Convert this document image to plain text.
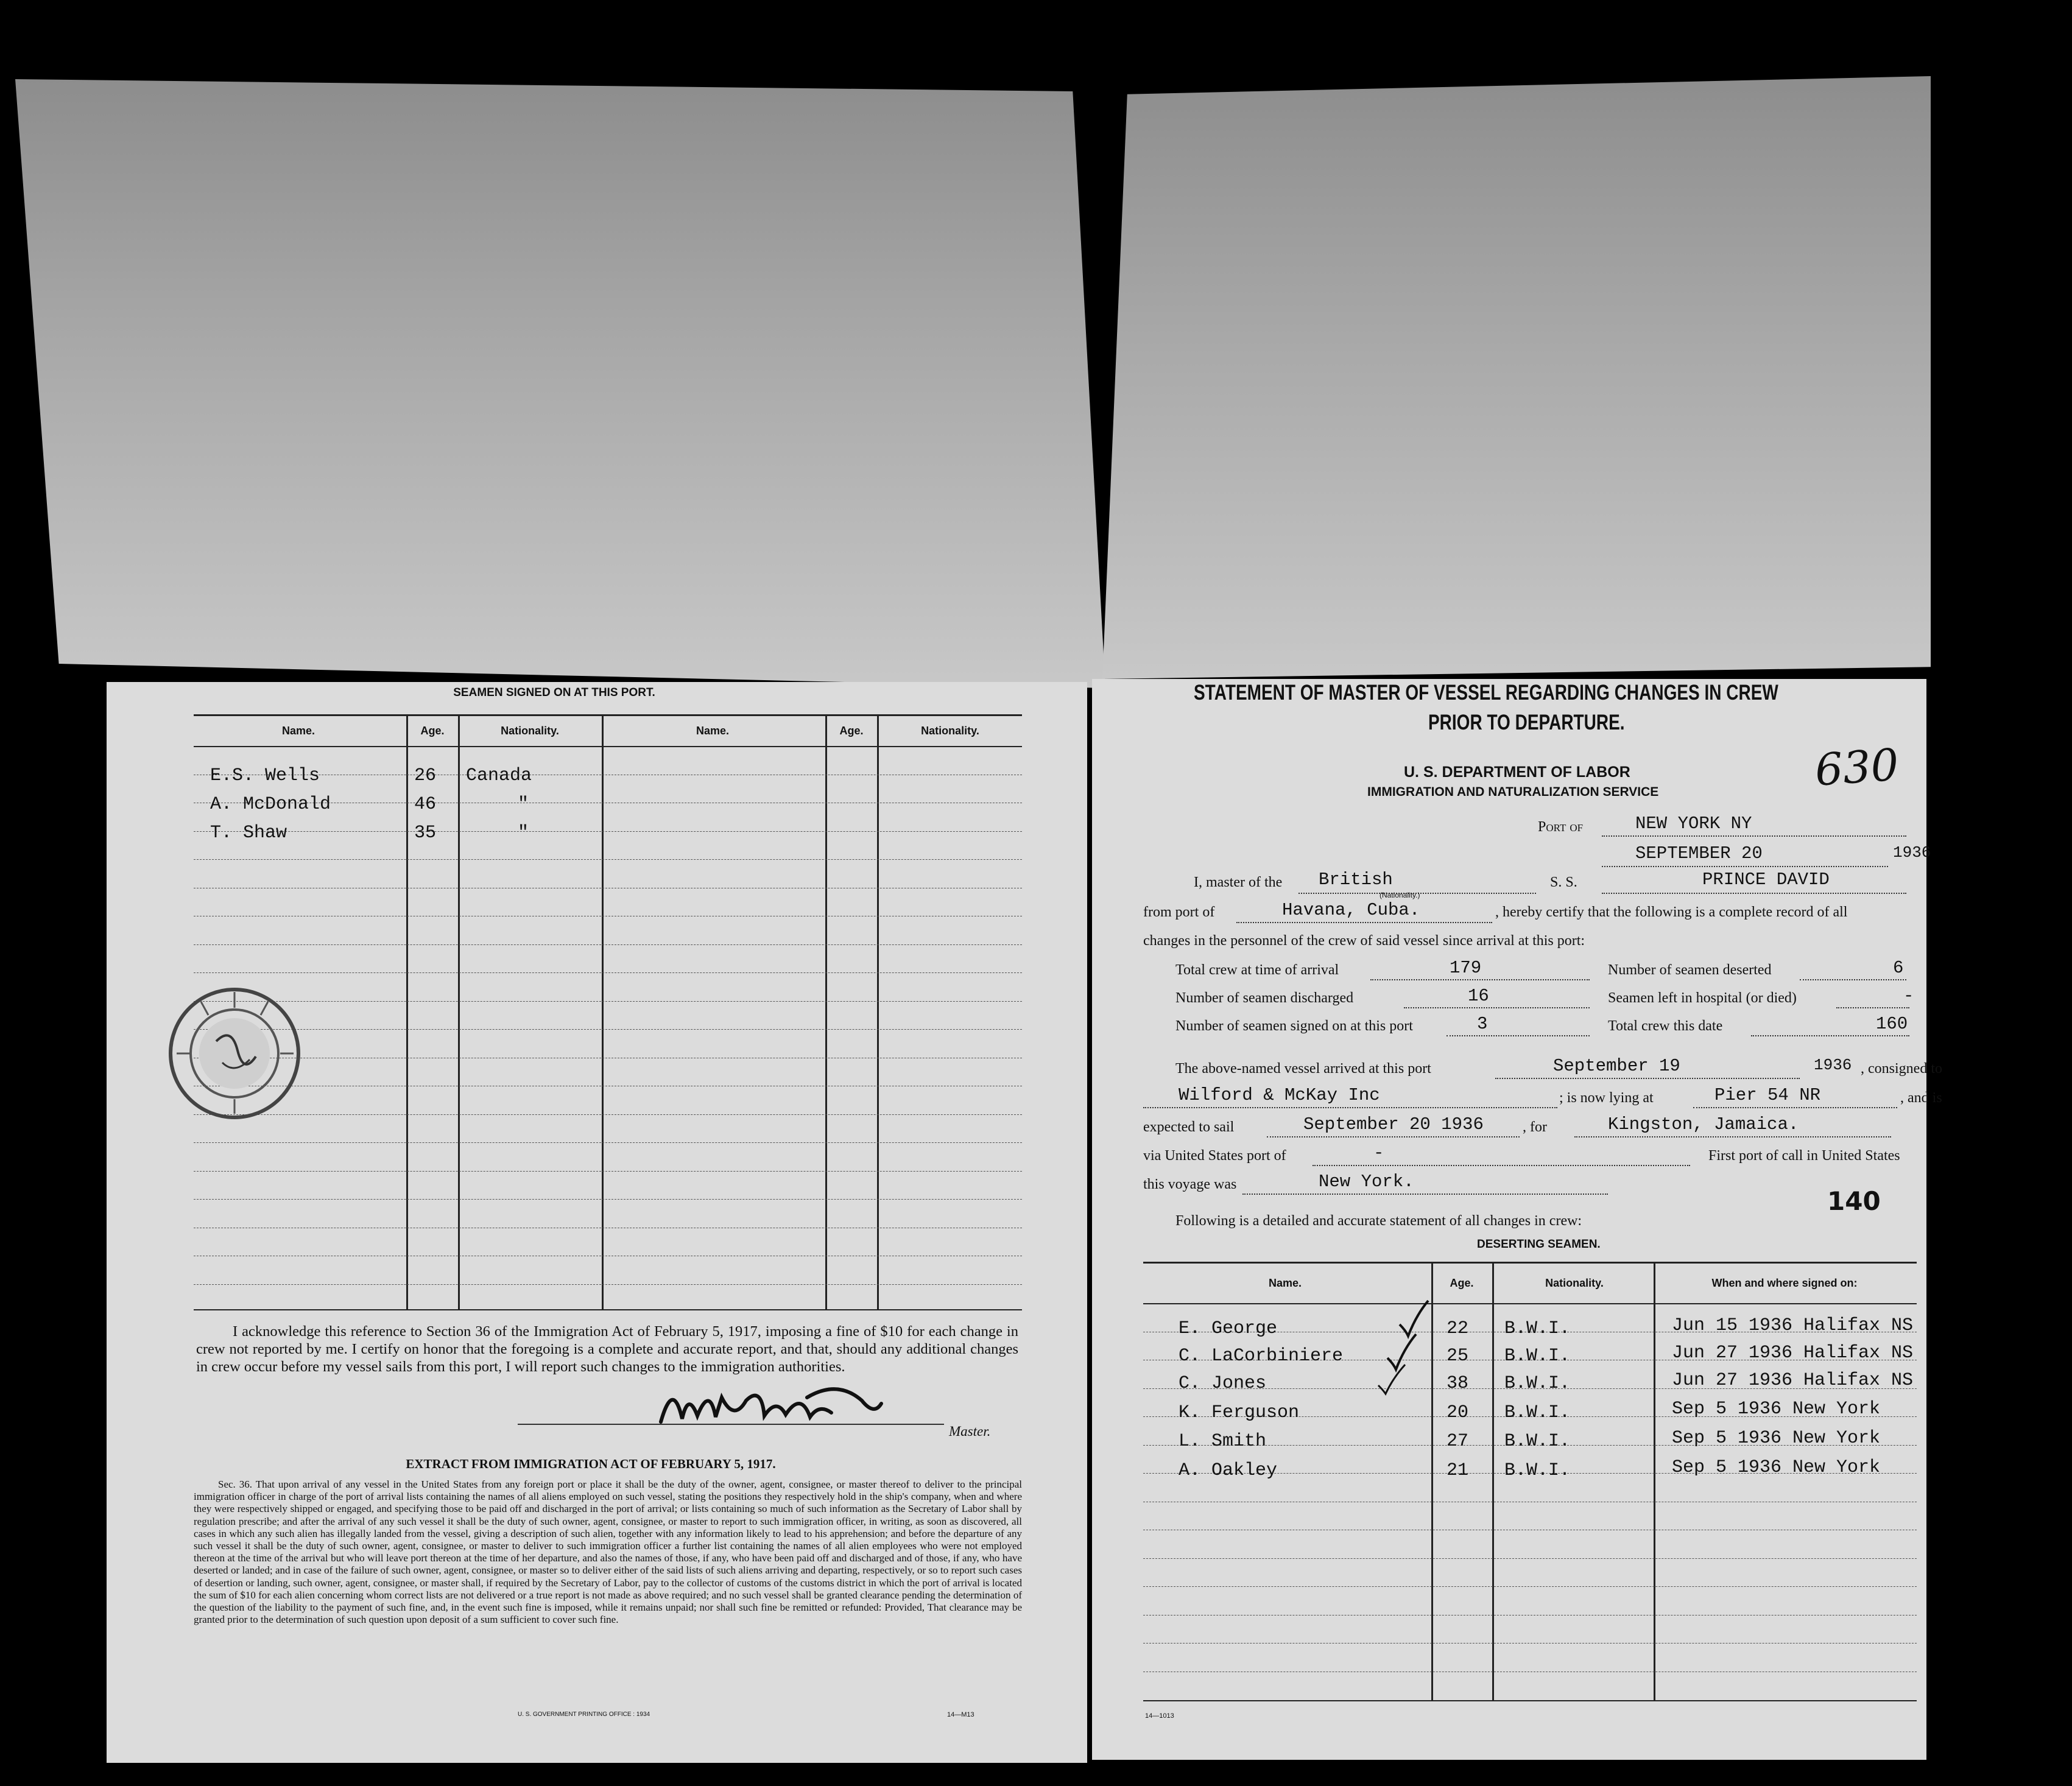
SEAMEN SIGNED ON AT THIS PORT.
Name.	Age.	Nationality.	Name.	Age.	Nationality.
E.S. Wells	26 Canada
A. McDonald	46	"
T. Shaw	35	"
I acknowledge this reference to Section 36 of the Immigration Act of February 5, 1917, imposing a fine of $10 for each change in crew not reported by me. I certify on honor that the foregoing is a complete and accurate report, and that, should any additional changes in crew occur before my vessel sails from this port, I will report such changes to the immigration authorities.
Master.
EXTRACT FROM IMMIGRATION ACT OF FEBRUARY 5, 1917.
Sec. 36. That upon arrival of any vessel in the United States from any foreign port or place it shall be the duty of the owner, agent, consignee, or master thereof to deliver to the principal immigration officer in charge of the port of arrival lists containing the names of all aliens employed on such vessel, stating the positions they respectively hold in the ship's company, when and where they were respectively shipped or engaged, and specifying those to be paid off and discharged in the port of arrival; or lists containing so much of such information as the Secretary of Labor shall by regulation prescribe; and after the arrival of any such vessel it shall be the duty of such owner, agent, consignee, or master to report to such immigration officer, in writing, as soon as discovered, all cases in which any such alien has illegally landed from the vessel, giving a description of such alien, together with any information likely to lead to his apprehension; and before the departure of any such vessel it shall be the duty of such owner, agent, consignee, or master to deliver to such immigration officer a further list containing the names of all alien employees who were not employed thereon at the time of the arrival but who will leave port thereon at the time of her departure, and also the names of those, if any, who have been paid off and discharged and of those, if any, who have deserted or landed; and in case of the failure of such owner, agent, consignee, or master so to deliver either of the said lists of such aliens arriving and departing, respectively, or so to report such cases of desertion or landing, such owner, agent, consignee, or master shall, if required by the Secretary of Labor, pay to the collector of customs of the customs district in which the port of arrival is located the sum of $10 for each alien concerning whom correct lists are not delivered or a true report is not made as above required; and no such vessel shall be granted clearance pending the determination of the question of the liability to the payment of such fine, and, in the event such fine is imposed, while it remains unpaid; nor shall such fine be remitted or refunded: Provided, That clearance may be granted prior to the determination of such question upon deposit of a sum sufficient to cover such fine.
U. S. GOVERNMENT PRINTING OFFICE : 1934	14—M13
STATEMENT OF MASTER OF VESSEL REGARDING CHANGES IN CREW
PRIOR TO DEPARTURE.
630
U. S. DEPARTMENT OF LABOR
IMMIGRATION AND NATURALIZATION SERVICE
Port of	NEW YORK NY
SEPTEMBER 20	1936
I, master of the British
(Nationality.)
S. S.	PRINCE DAVID
from port of	Havana, Cuba.	, hereby certify that the following is a complete record of all
changes in the personnel of the crew of said vessel since arrival at this port:
Total crew at time of arrival	179	Number of seamen deserted	6
Number of seamen discharged	16	Seamen left in hospital (or died)	-
Number of seamen signed on at this port	3	Total crew this date	160
The above-named vessel arrived at this port	September 19	1936 , consigned to
Wilford & McKay Inc	; is now lying at	Pier 54 NR	, and is
expected to sail	September 20 1936	, for	Kingston, Jamaica.
via United States port of	-	First port of call in United States
this voyage was	New York.
140
Following is a detailed and accurate statement of all changes in crew:
DESERTING SEAMEN.
Name.	Age.	Nationality.	When and where signed on:
E. George	22 B.W.I.	Jun 15 1936 Halifax NS
C. LaCorbiniere	25 B.W.I.	Jun 27 1936 Halifax NS
C. Jones	38 B.W.I.	Jun 27 1936 Halifax NS
K. Ferguson	20 B.W.I.	Sep 5 1936 New York
L. Smith	27 B.W.I.	Sep 5 1936 New York
A. Oakley	21 B.W.I.	Sep 5 1936 New York
14—1013
